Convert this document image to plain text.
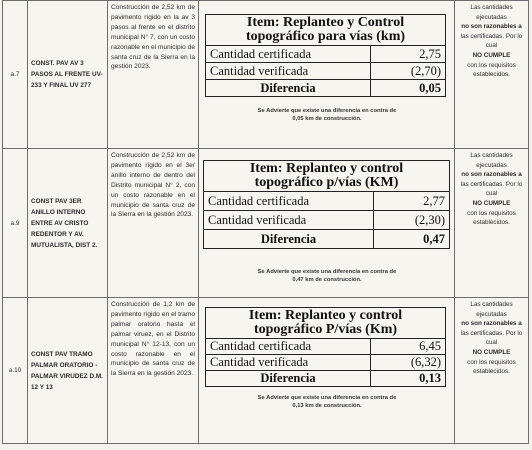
a.7	CONST. PAV AV 3 PASOS AL FRENTE UV-233 Y FINAL UV 277	
Construcción de 2,52 km de pavimento rígido en la av 3 pasos al frente en el distrito municipal N° 7, con un costo razonable en el municipio de santa cruz de la Sierra en la gestión 2023.

Item: Replanteo y Control
topográfico para vías (km)

Cantidad certificada	2,75
Cantidad verificada	(2,70)
Diferencia	0,05
Se Advierte que existe una diferencia en contra de
0,05 km de construcción.

Las cantidades ejecutadas
no son razonables a
las certificadas. Por lo cual
NO CUMPLE
con los requisitos establecidos.

a.9	CONST PAV 3ER ANILLO INTERNO ENTRE AV CRISTO REDENTOR Y AV. MUTUALISTA, DIST 2.	
Construcción de 2,52 km de pavimento rígido en el 3er anillo interno de dentro del Distrito municipal N° 2, con un costo razonable en el municipio de santa cruz de la Sierra en la gestión 2023.

Item: Replanteo y control
topográfico p/vías (KM)

Cantidad certificada	2,77
Cantidad verificada	(2,30)
Diferencia	0,47
Se Advierte que existe una diferencia en contra de
0,47 km de construcción.

Las cantidades ejecutadas
no son razonables a
las certificadas. Por lo cual
NO CUMPLE
con los requisitos establecidos.

a.10	CONST PAV TRAMO PALMAR ORATORIO - PALMAR VIRUDEZ D.M. 12 Y 13	
Construcción de 1,2 km de pavimento rígido en el tramo palmar oratorio hasta el palmar viruez, en el Distrito municipal N° 12-13, con un costo razonable en el municipio de santa cruz de la Sierra en la gestión 2023.

Item: Replanteo y control
topográfico P/vías (Km)

Cantidad certificada	6,45
Cantidad verificada	(6,32)
Diferencia	0,13
Se Advierte que existe una diferencia en contra de
0,13 km de construcción.

Las cantidades ejecutadas
no son razonables a
las certificadas. Por lo cual
NO CUMPLE
con los requisitos establecidos.
